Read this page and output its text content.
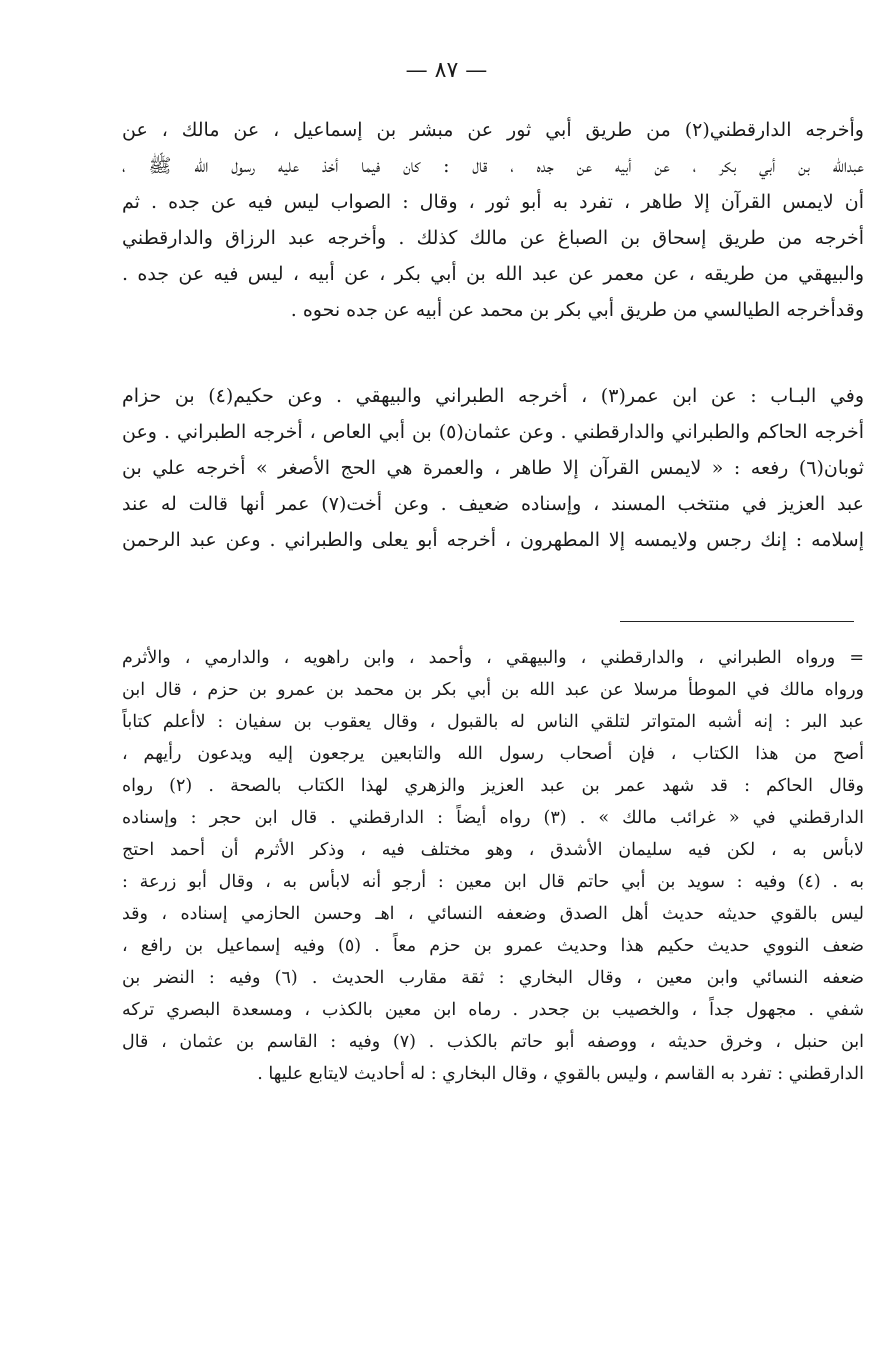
— ٨٧ —
وأخرجه الدارقطني(٢) من طريق أبي ثور عن مبشر بن إسماعيل ، عن مالك ، عن
عبدالله بن أبي بكر ، عن أبيه عن جده ، قال : كان فيما أخذ عليه رسول الله ﷺ ،
أن لايمس القرآن إلا طاهر ، تفرد به أبو ثور ، وقال : الصواب ليس فيه عن جده . ثم
أخرجه من طريق إسحاق بن الصباغ عن مالك كذلك . وأخرجه عبد الرزاق والدارقطني
والبيهقي من طريقه ، عن معمر عن عبد الله بن أبي بكر ، عن أبيه ، ليس فيه عن جده .
وقدأخرجه الطيالسي من طريق أبي بكر بن محمد عن أبيه عن جده نحوه .
وفي البـاب : عن ابن عمر(٣) ، أخرجه الطبراني والبيهقي . وعن حكيم(٤) بن حزام
أخرجه الحاكم والطبراني والدارقطني . وعن عثمان(٥) بن أبي العاص ، أخرجه الطبراني . وعن
ثوبان(٦) رفعه : « لايمس القرآن إلا طاهر ، والعمرة هي الحج الأصغر » أخرجه علي بن
عبد العزيز في منتخب المسند ، وإسناده ضعيف . وعن أخت(٧) عمر أنها قالت له عند
إسلامه : إنك رجس ولايمسه إلا المطهرون ، أخرجه أبو يعلى والطبراني . وعن عبد الرحمن
= ورواه الطبراني ، والدارقطني ، والبيهقي ، وأحمد ، وابن راهويه ، والدارمي ، والأثرم
ورواه مالك في الموطأ مرسلا عن عبد الله بن أبي بكر بن محمد بن عمرو بن حزم ، قال ابن
عبد البر : إنه أشبه المتواتر لتلقي الناس له بالقبول ، وقال يعقوب بن سفيان : لاأعلم كتاباً
أصح من هذا الكتاب ، فإن أصحاب رسول الله والتابعين يرجعون إليه ويدعون رأيهم ،
وقال الحاكم : قد شهد عمر بن عبد العزيز والزهري لهذا الكتاب بالصحة . (٢) رواه
الدارقطني في « غرائب مالك » . (٣) رواه أيضاً : الدارقطني . قال ابن حجر : وإسناده
لابأس به ، لكن فيه سليمان الأشدق ، وهو مختلف فيه ، وذكر الأثرم أن أحمد احتج
به . (٤) وفيه : سويد بن أبي حاتم قال ابن معين : أرجو أنه لابأس به ، وقال أبو زرعة :
ليس بالقوي حديثه حديث أهل الصدق وضعفه النسائي ، اهـ وحسن الحازمي إسناده ، وقد
ضعف النووي حديث حكيم هذا وحديث عمرو بن حزم معاً . (٥) وفيه إسماعيل بن رافع ،
ضعفه النسائي وابن معين ، وقال البخاري : ثقة مقارب الحديث . (٦) وفيه : النضر بن
شفي . مجهول جداً ، والخصيب بن جحدر . رماه ابن معين بالكذب ، ومسعدة البصري تركه
ابن حنبل ، وخرق حديثه ، ووصفه أبو حاتم بالكذب . (٧) وفيه : القاسم بن عثمان ، قال
الدارقطني : تفرد به القاسم ، وليس بالقوي ، وقال البخاري : له أحاديث لايتابع عليها .
